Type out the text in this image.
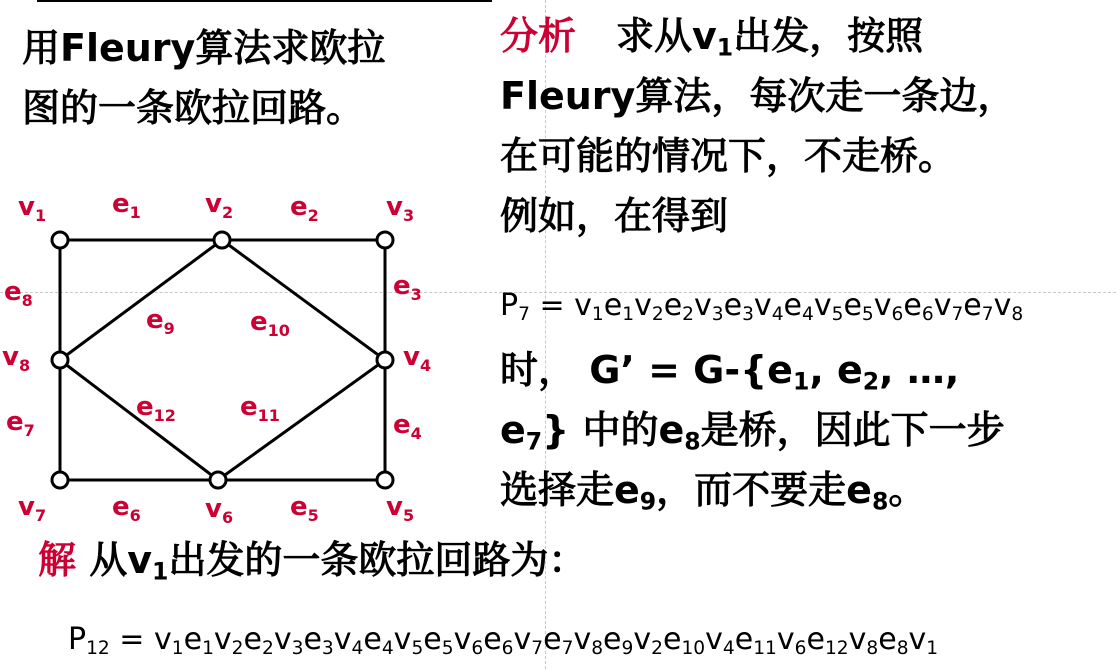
用Fleury算法求欧拉
图的一条欧拉回路。
分析 求从$v_1$出发，按照
Fleury算法，每次走一条边，
在可能的情况下，不走桥。
例如，在得到
$P_7 = v_1e_1v_2e_2v_3e_3v_4e_4v_5e_5v_6e_6v_7e_7v_8$
时， G’ = $G-\{e_1$, $e_2$, …,
$e_7$} 中的$e_8$是桥，因此下一步
选择走$e_9$，而不要走$e_8$。
解 从$v_1$出发的一条欧拉回路为：
$P_{12} = v_1e_1v_2e_2v_3e_3v_4e_4v_5e_5v_6e_6v_7e_7v_8e_9v_2e_{10}v_4e_{11}v_6e_{12}v_8e_8v_1$
$v_1$	$v_2$	$v_3$
$v_4$
$v_5$
$v_6$
$v_7$
$v_8$
$e_1$	$e_2$
$e_3$
$e_4$
$e_5$
$e_6$
$e_7$
$e_8$
$e_9$	$e_{10}$
$e_{11}$
$e_{12}$
